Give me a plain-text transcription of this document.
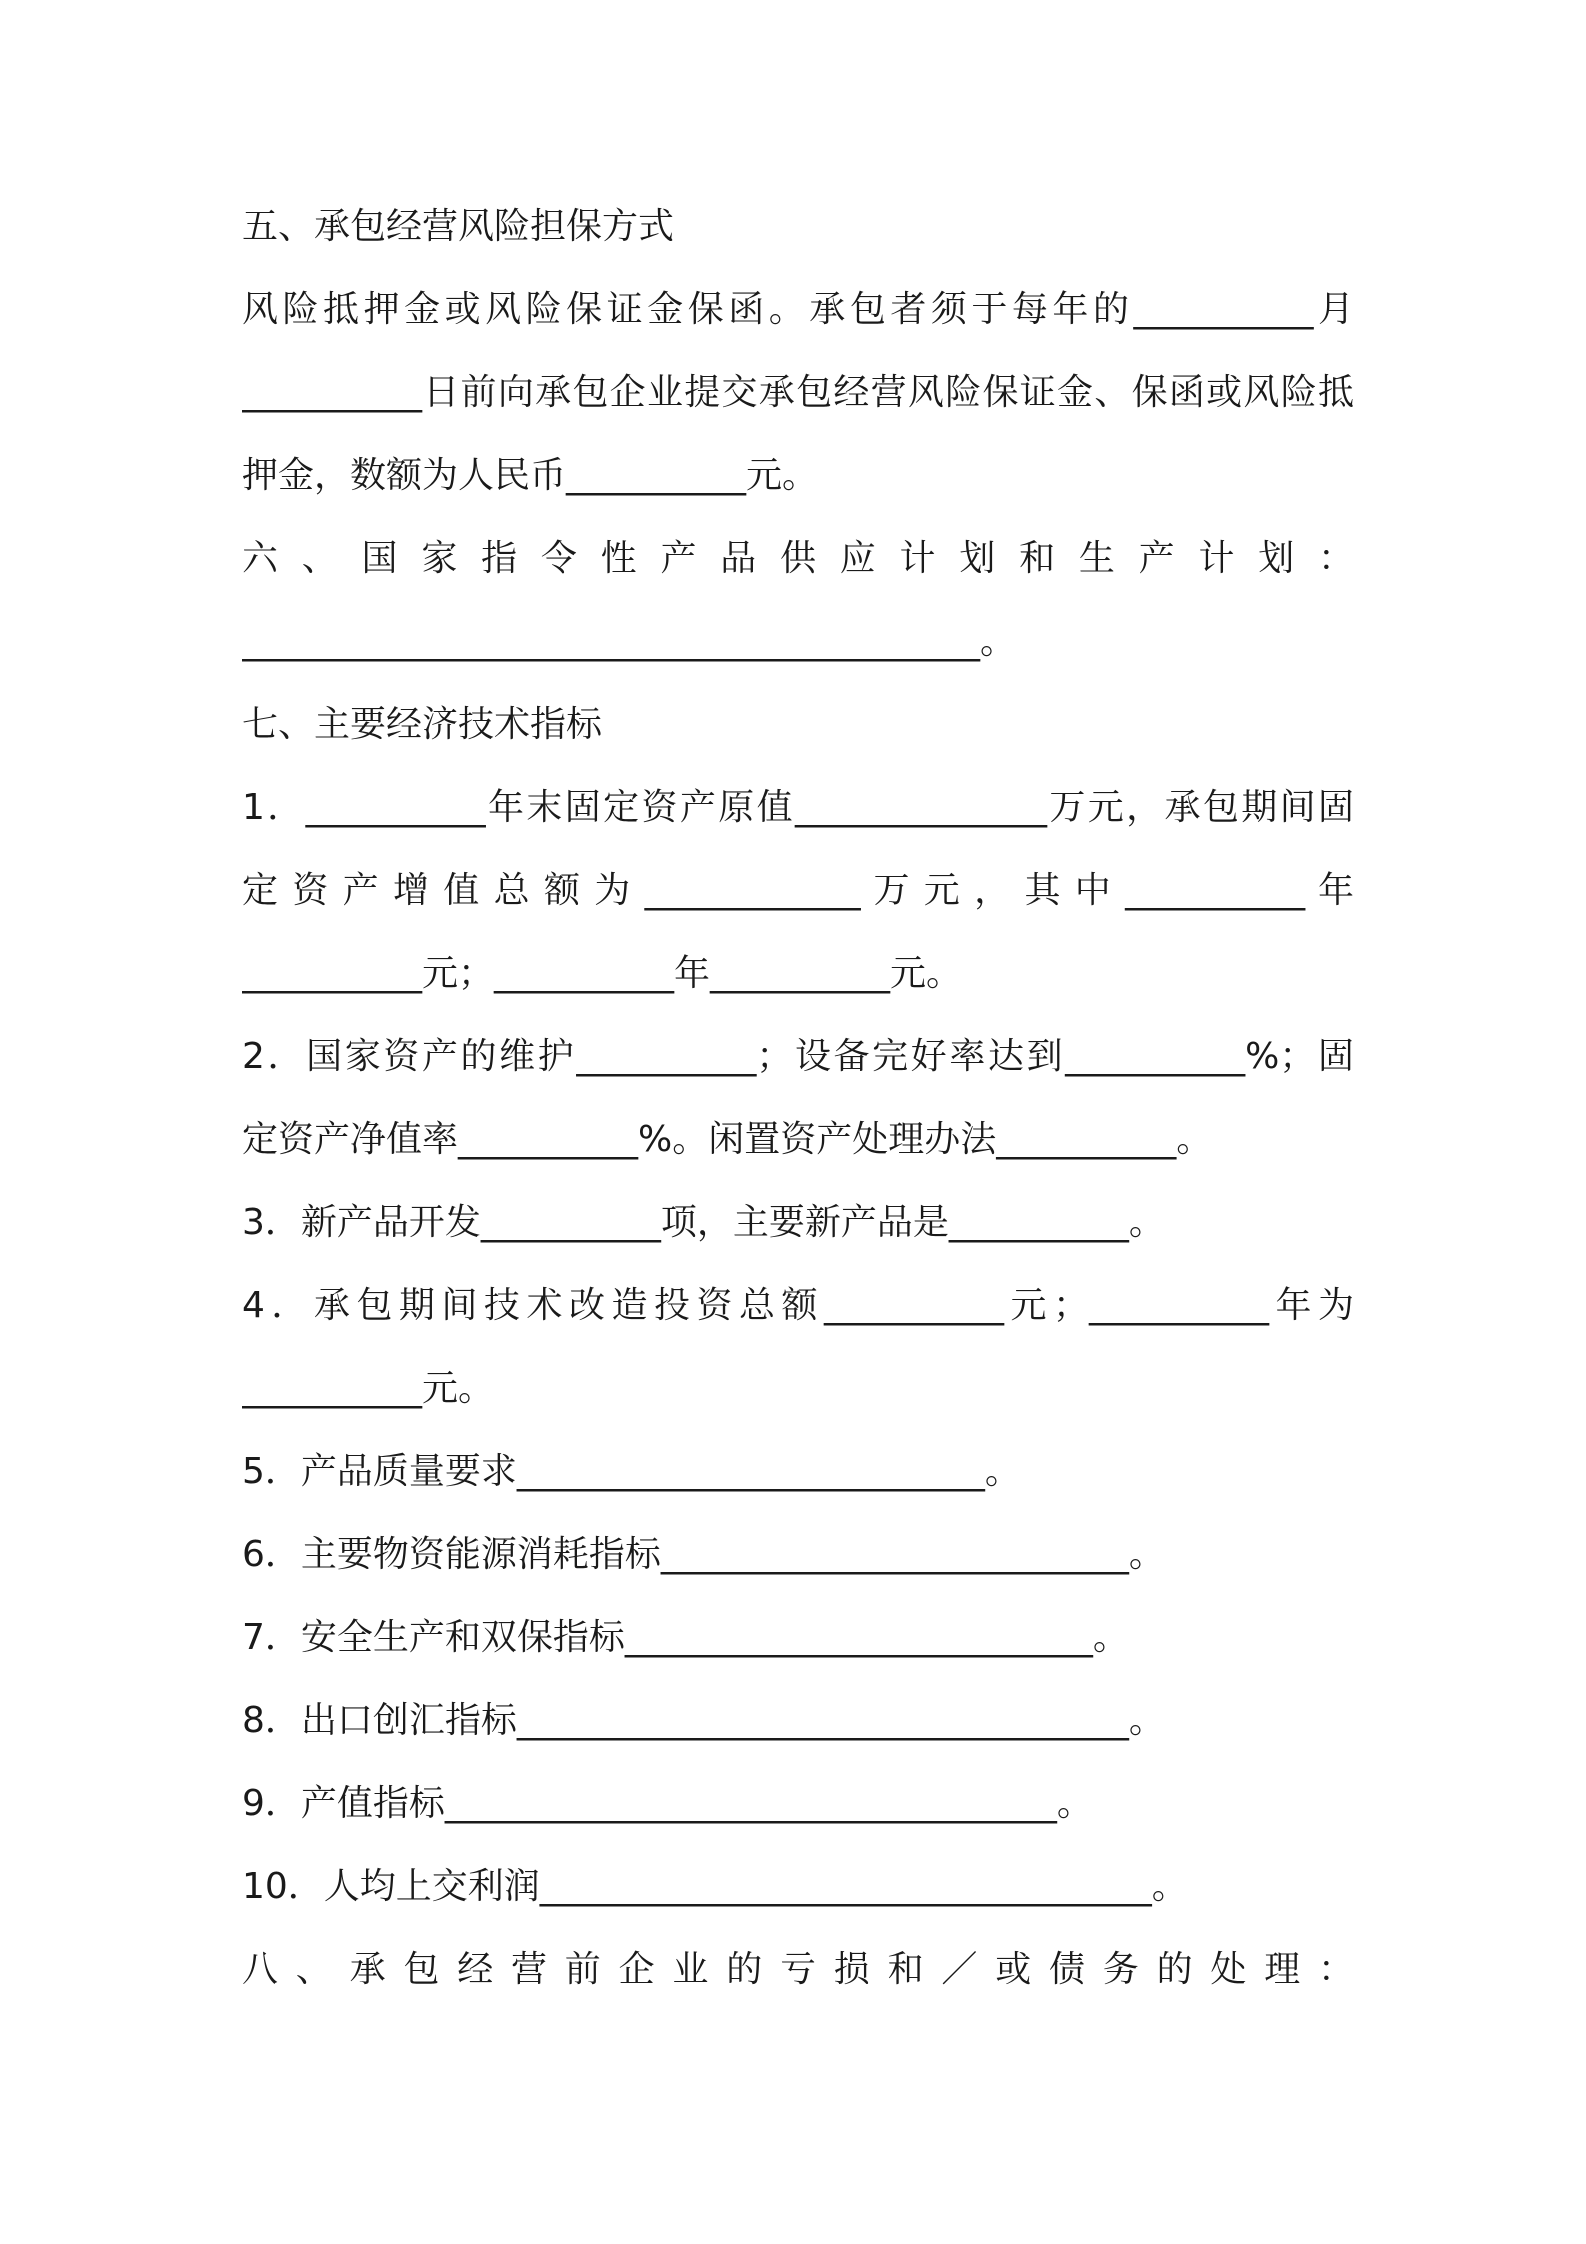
五、承包经营风险担保方式
风险抵押金或风险保证金保函。承包者须于每年的__________月
__________日前向承包企业提交承包经营风险保证金、保函或风险抵
押金，数额为人民币__________元。
六 、 国 家 指 令 性 产 品 供 应 计 划 和 生 产 计 划 ：
_________________________________________。
七、主要经济技术指标
1．__________年末固定资产原值______________万元，承包期间固
定 资 产 增 值 总 额 为 ____________ 万 元 ， 其 中 __________ 年
__________元；__________年__________元。
2．国家资产的维护__________；设备完好率达到__________%；固
定资产净值率__________%。闲置资产处理办法__________。
3．新产品开发__________项，主要新产品是__________。
4．承包期间技术改造投资总额__________元；__________年为
__________元。
5．产品质量要求__________________________。
6．主要物资能源消耗指标__________________________。
7．安全生产和双保指标__________________________。
8．出口创汇指标__________________________________。
9．产值指标__________________________________。
10．人均上交利润__________________________________。
八 、 承 包 经 营 前 企 业 的 亏 损 和 ／ 或 债 务 的 处 理 ：
